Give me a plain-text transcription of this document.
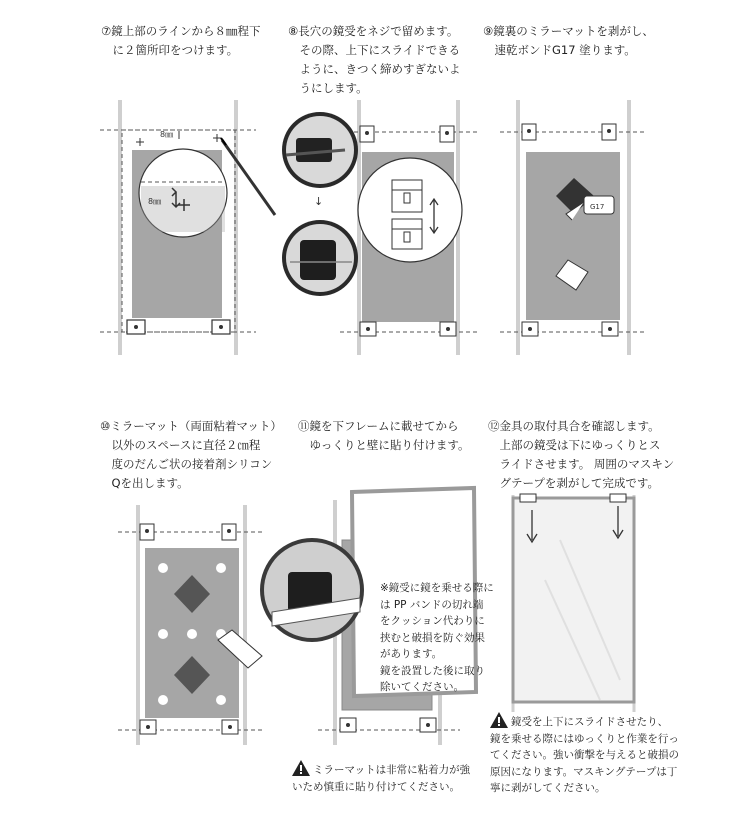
⑦鏡上部のラインから８㎜程下
　に２箇所印をつけます。
8㎜
8㎜
⑧長穴の鏡受をネジで留めます。
　その際、上下にスライドできる
　ように、きつく締めすぎないよ
　うにします。
↓
⑨鏡裏のミラーマットを剥がし、
　速乾ボンドG17 塗ります。
G17
⑩ミラーマット（両面粘着マット）
　以外のスペースに直径２㎝程
　度のだんご状の接着剤シリコン
　Qを出します。
⑪鏡を下フレームに載せてから
　ゆっくりと壁に貼り付けます。
※鏡受に鏡を乗せる際に
は PP バンドの切れ端
をクッション代わりに
挟むと破損を防ぐ効果
があります。
鏡を設置した後に取り
除いてください。
⑫金具の取付具合を確認します。
　上部の鏡受は下にゆっくりとス
　ライドさせます。 周囲のマスキン
　グテープを剥がして完成です。
　　ミラーマットは非常に粘着力が強
いため慎重に貼り付けてください。
　　鏡受を上下にスライドさせたり、
鏡を乗せる際にはゆっくりと作業を行っ
てください。強い衝撃を与えると破損の
原因になります。マスキングテープは丁
寧に剥がしてください。
